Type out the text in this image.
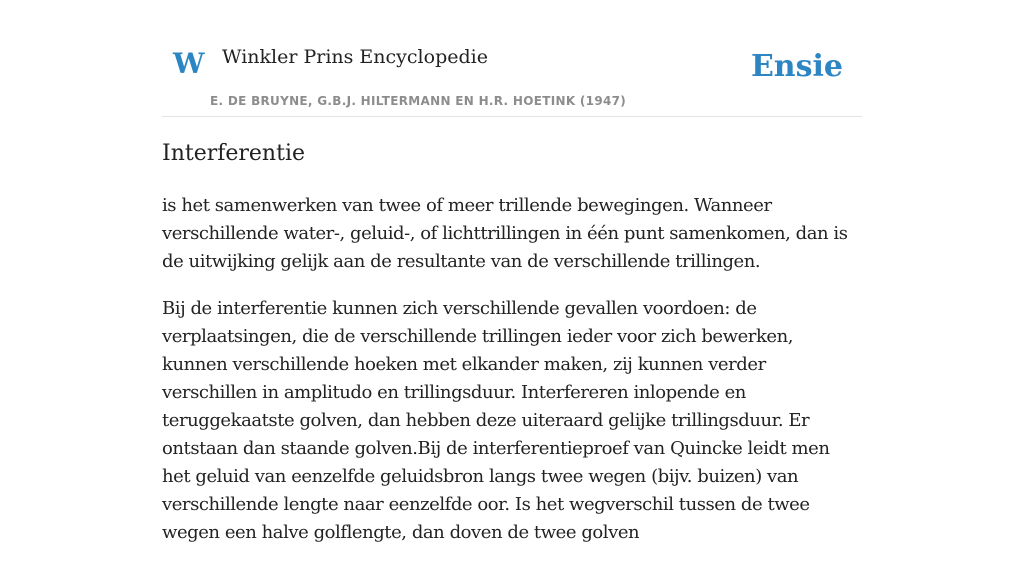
W Winkler Prins Encyclopedie
E. DE BRUYNE, G.B.J. HILTERMANN EN H.R. HOETINK (1947)
Ensie
Interferentie

is het samenwerken van twee of meer trillende bewegingen. Wanneer verschillende water-, geluid-, of lichttrillingen in één punt samenkomen, dan is de uitwijking gelijk aan de resultante van de verschillende trillingen.

Bij de interferentie kunnen zich verschillende gevallen voordoen: de verplaatsingen, die de verschillende trillingen ieder voor zich bewerken, kunnen verschillende hoeken met elkander maken, zij kunnen verder verschillen in amplitudo en trillingsduur. Interfereren inlopende en teruggekaatste golven, dan hebben deze uiteraard gelijke trillingsduur. Er ontstaan dan staande golven.Bij de interferentieproef van Quincke leidt men het geluid van eenzelfde geluidsbron langs twee wegen (bijv. buizen) van verschillende lengte naar eenzelfde oor. Is het wegverschil tussen de twee wegen een halve golflengte, dan doven de twee golven
